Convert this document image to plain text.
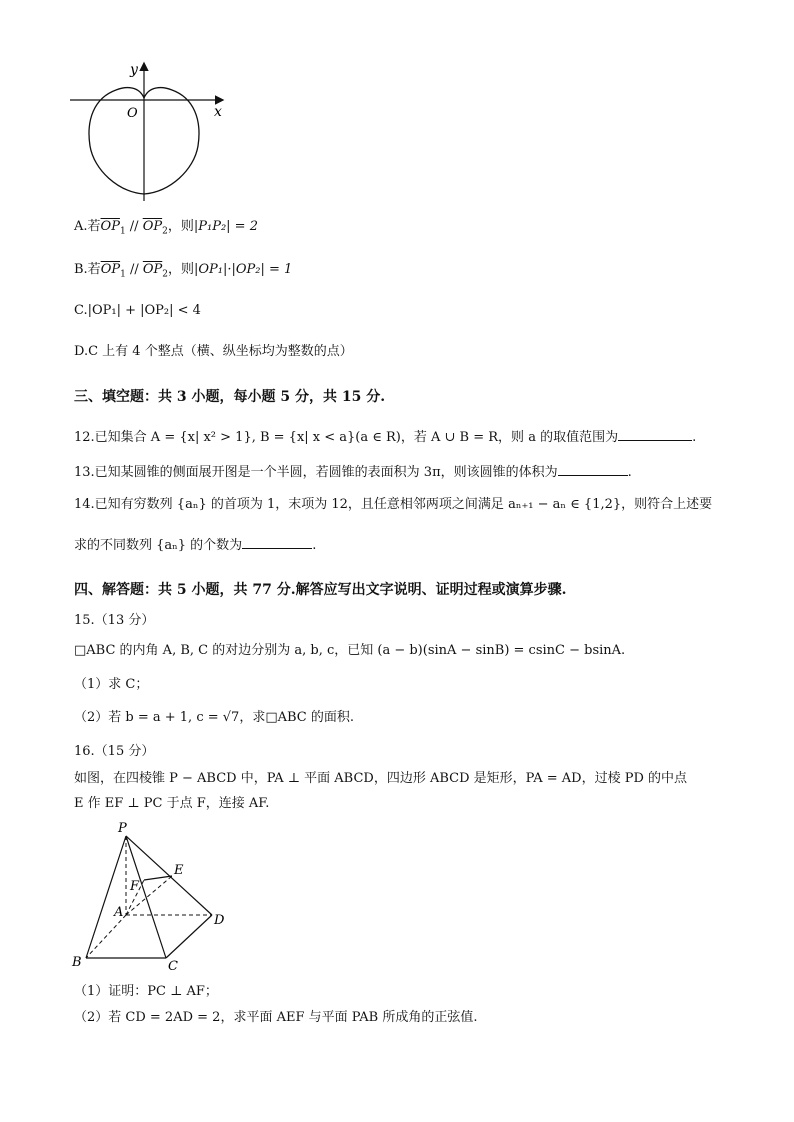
y
x
O
A.若$\overline{OP}_1 // \overline{OP}_2$，则|P₁P₂| = 2
B.若$\overline{OP}_1 // \overline{OP}_2$，则|OP₁|·|OP₂| = 1
C.|OP₁| + |OP₂| < 4
D.C 上有 4 个整点（横、纵坐标均为整数的点）
三、填空题：共 3 小题，每小题 5 分，共 15 分.
12.已知集合 A = {x| x² > 1}, B = {x| x < a}(a ∈ R)，若 A ∪ B = R，则 a 的取值范围为	.
13.已知某圆锥的侧面展开图是一个半圆，若圆锥的表面积为 3π，则该圆锥的体积为	.
14.已知有穷数列 {aₙ} 的首项为 1，末项为 12，且任意相邻两项之间满足 aₙ₊₁ − aₙ ∈ {1,2}，则符合上述要
求的不同数列 {aₙ} 的个数为	.
四、解答题：共 5 小题，共 77 分.解答应写出文字说明、证明过程或演算步骤.
15.（13 分）
□ABC 的内角 A, B, C 的对边分别为 a, b, c，已知 (a − b)(sinA − sinB) = csinC − bsinA.
（1）求 C；
（2）若 b = a + 1, c = √7，求□ABC 的面积.
16.（15 分）
如图，在四棱锥 P − ABCD 中，PA ⊥ 平面 ABCD，四边形 ABCD 是矩形，PA = AD，过棱 PD 的中点
E 作 EF ⊥ PC 于点 F，连接 AF.
P
E
F
A
D
B	C
（1）证明：PC ⊥ AF；
（2）若 CD = 2AD = 2，求平面 AEF 与平面 PAB 所成角的正弦值.
